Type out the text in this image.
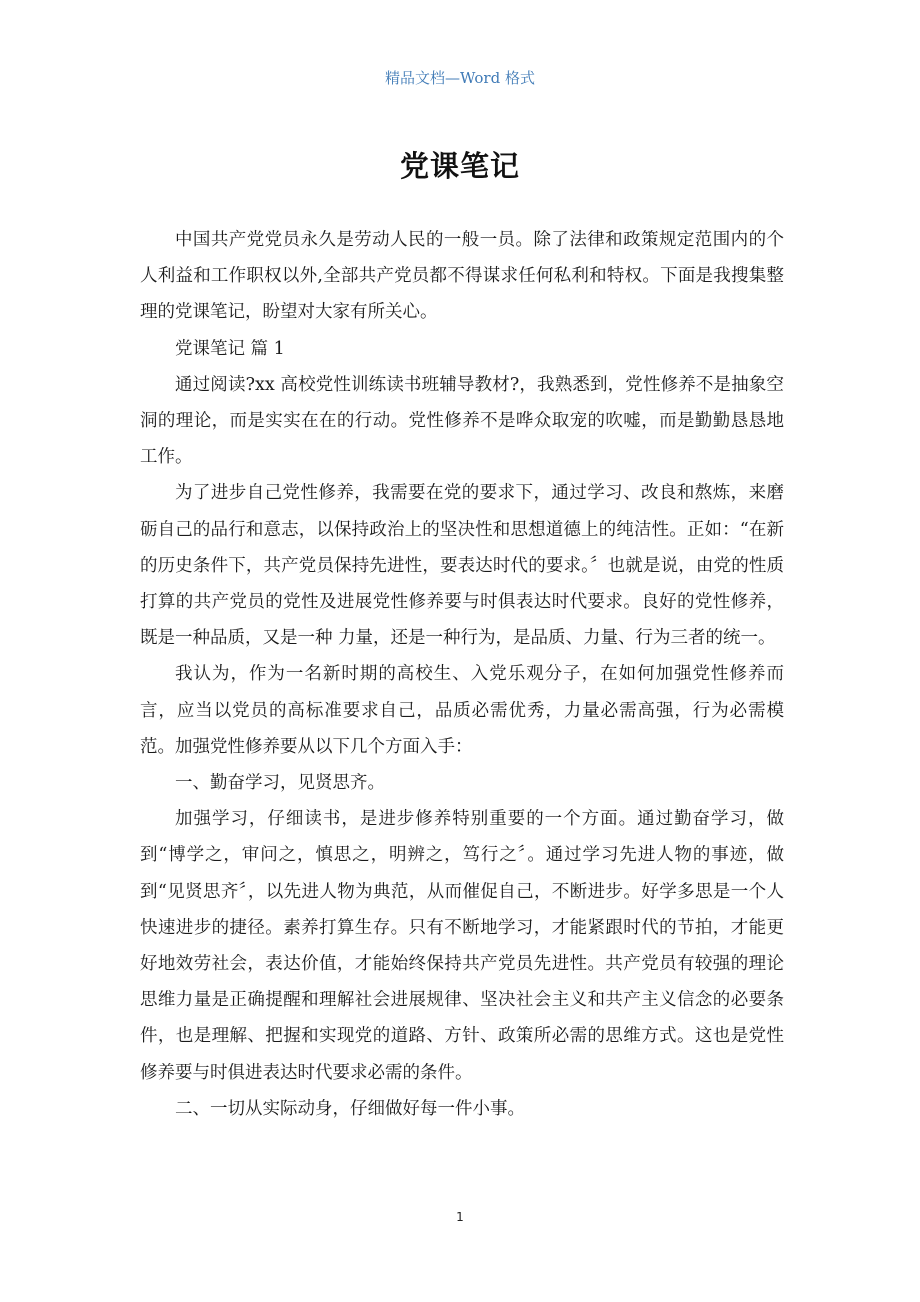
精品文档—Word 格式
党课笔记

中国共产党党员永久是劳动人民的一般一员。除了法律和政策规定范围内的个人利益和工作职权以外,全部共产党员都不得谋求任何私利和特权。下面是我搜集整理的党课笔记，盼望对大家有所关心。

党课笔记 篇 1

通过阅读?xx 高校党性训练读书班辅导教材?，我熟悉到，党性修养不是抽象空洞的理论，而是实实在在的行动。党性修养不是哗众取宠的吹嘘，而是勤勤恳恳地工作。

为了进步自己党性修养，我需要在党的要求下，通过学习、改良和熬炼，来磨砺自己的品行和意志，以保持政治上的坚决性和思想道德上的纯洁性。正如：“在新的历史条件下，共产党员保持先进性，要表达时代的要求。〞也就是说，由党的性质打算的共产党员的党性及进展党性修养要与时俱表达时代要求。良好的党性修养，既是一种品质，又是一种 力量，还是一种行为，是品质、力量、行为三者的统一。

我认为，作为一名新时期的高校生、入党乐观分子，在如何加强党性修养而言，应当以党员的高标准要求自己，品质必需优秀，力量必需高强，行为必需模范。加强党性修养要从以下几个方面入手：

一、勤奋学习，见贤思齐。

加强学习，仔细读书，是进步修养特别重要的一个方面。通过勤奋学习，做到“博学之，审问之，慎思之，明辨之，笃行之〞。通过学习先进人物的事迹，做到“见贤思齐〞，以先进人物为典范，从而催促自己，不断进步。好学多思是一个人快速进步的捷径。素养打算生存。只有不断地学习，才能紧跟时代的节拍，才能更好地效劳社会，表达价值，才能始终保持共产党员先进性。共产党员有较强的理论思维力量是正确提醒和理解社会进展规律、坚决社会主义和共产主义信念的必要条件，也是理解、把握和实现党的道路、方针、政策所必需的思维方式。这也是党性修养要与时俱进表达时代要求必需的条件。

二、一切从实际动身，仔细做好每一件小事。

1
